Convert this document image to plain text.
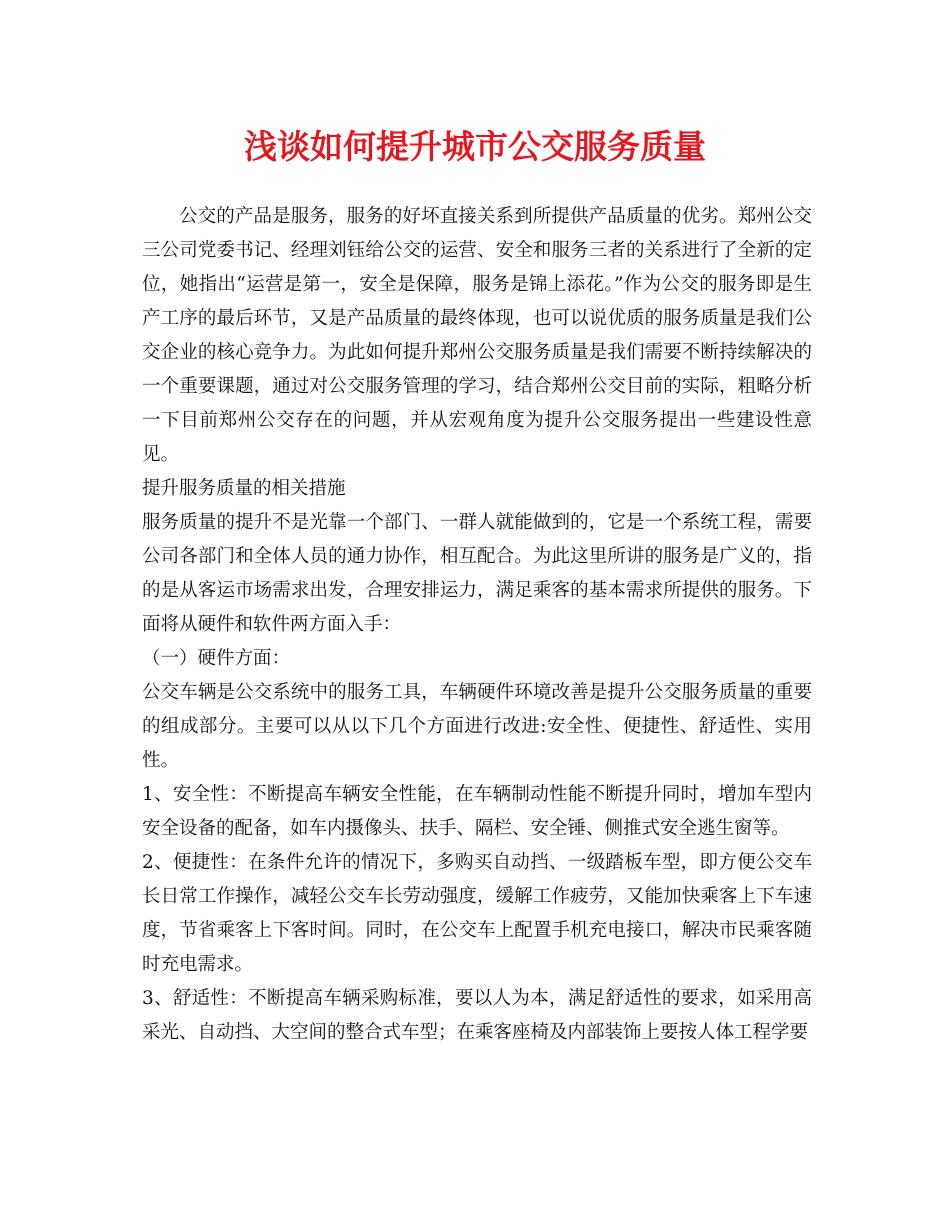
浅谈如何提升城市公交服务质量

公交的产品是服务，服务的好坏直接关系到所提供产品质量的优劣。郑州公交三公司党委书记、经理刘钰给公交的运营、安全和服务三者的关系进行了全新的定位，她指出“运营是第一，安全是保障，服务是锦上添花。”作为公交的服务即是生产工序的最后环节，又是产品质量的最终体现，也可以说优质的服务质量是我们公交企业的核心竞争力。为此如何提升郑州公交服务质量是我们需要不断持续解决的一个重要课题，通过对公交服务管理的学习，结合郑州公交目前的实际，粗略分析一下目前郑州公交存在的问题，并从宏观角度为提升公交服务提出一些建设性意见。

提升服务质量的相关措施

服务质量的提升不是光靠一个部门、一群人就能做到的，它是一个系统工程，需要公司各部门和全体人员的通力协作，相互配合。为此这里所讲的服务是广义的，指的是从客运市场需求出发，合理安排运力，满足乘客的基本需求所提供的服务。下面将从硬件和软件两方面入手：

（一）硬件方面：

公交车辆是公交系统中的服务工具，车辆硬件环境改善是提升公交服务质量的重要的组成部分。主要可以从以下几个方面进行改进:安全性、便捷性、舒适性、实用性。

1、安全性：不断提高车辆安全性能，在车辆制动性能不断提升同时，增加车型内安全设备的配备，如车内摄像头、扶手、隔栏、安全锤、侧推式安全逃生窗等。

2、便捷性：在条件允许的情况下，多购买自动挡、一级踏板车型，即方便公交车长日常工作操作，减轻公交车长劳动强度，缓解工作疲劳，又能加快乘客上下车速度，节省乘客上下客时间。同时，在公交车上配置手机充电接口，解决市民乘客随时充电需求。

3、舒适性：不断提高车辆采购标准，要以人为本，满足舒适性的要求，如采用高采光、自动挡、大空间的整合式车型；在乘客座椅及内部装饰上要按人体工程学要
